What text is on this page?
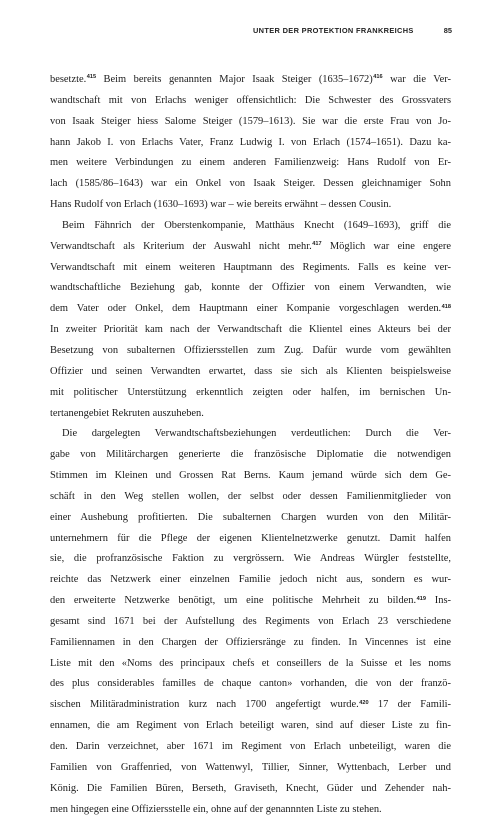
UNTER DER PROTEKTION FRANKREICHS	85
besetzte.$^{415}$ Beim bereits genannten Major Isaak Steiger (1635–1672)$^{416}$ war die Ver-
wandtschaft mit von Erlachs weniger offensichtlich: Die Schwester des Grossvaters
von Isaak Steiger hiess Salome Steiger (1579–1613). Sie war die erste Frau von Jo-
hann Jakob I. von Erlachs Vater, Franz Ludwig I. von Erlach (1574–1651). Dazu ka-
men weitere Verbindungen zu einem anderen Familienzweig: Hans Rudolf von Er-
lach (1585/86–1643) war ein Onkel von Isaak Steiger. Dessen gleichnamiger Sohn
Hans Rudolf von Erlach (1630–1693) war – wie bereits erwähnt – dessen Cousin.
Beim Fähnrich der Oberstenkompanie, Matthäus Knecht (1649–1693), griff die
Verwandtschaft als Kriterium der Auswahl nicht mehr.$^{417}$ Möglich war eine engere
Verwandtschaft mit einem weiteren Hauptmann des Regiments. Falls es keine ver-
wandtschaftliche Beziehung gab, konnte der Offizier von einem Verwandten, wie
dem Vater oder Onkel, dem Hauptmann einer Kompanie vorgeschlagen werden.$^{418}$
In zweiter Priorität kam nach der Verwandtschaft die Klientel eines Akteurs bei der
Besetzung von subalternen Offiziersstellen zum Zug. Dafür wurde vom gewählten
Offizier und seinen Verwandten erwartet, dass sie sich als Klienten beispielsweise
mit politischer Unterstützung erkenntlich zeigten oder halfen, im bernischen Un-
tertanengebiet Rekruten auszuheben.
Die dargelegten Verwandtschaftsbeziehungen verdeutlichen: Durch die Ver-
gabe von Militärchargen generierte die französische Diplomatie die notwendigen
Stimmen im Kleinen und Grossen Rat Berns. Kaum jemand würde sich dem Ge-
schäft in den Weg stellen wollen, der selbst oder dessen Familienmitglieder von
einer Aushebung profitierten. Die subalternen Chargen wurden von den Militär-
unternehmern für die Pflege der eigenen Klientelnetzwerke genutzt. Damit halfen
sie, die profranzösische Faktion zu vergrössern. Wie Andreas Würgler feststellte,
reichte das Netzwerk einer einzelnen Familie jedoch nicht aus, sondern es wur-
den erweiterte Netzwerke benötigt, um eine politische Mehrheit zu bilden.$^{419}$ Ins-
gesamt sind 1671 bei der Aufstellung des Regiments von Erlach 23 verschiedene
Familiennamen in den Chargen der Offiziersränge zu finden. In Vincennes ist eine
Liste mit den «Noms des principaux chefs et conseillers de la Suisse et les noms
des plus considerables familles de chaque canton» vorhanden, die von der franzö-
sischen Militäradministration kurz nach 1700 angefertigt wurde.$^{420}$ 17 der Famili-
ennamen, die am Regiment von Erlach beteiligt waren, sind auf dieser Liste zu fin-
den. Darin verzeichnet, aber 1671 im Regiment von Erlach unbeteiligt, waren die
Familien von Graffenried, von Wattenwyl, Tillier, Sinner, Wyttenbach, Lerber und
König. Die Familien Büren, Berseth, Graviseth, Knecht, Güder und Zehender nah-
men hingegen eine Offiziersstelle ein, ohne auf der genannnten Liste zu stehen.
